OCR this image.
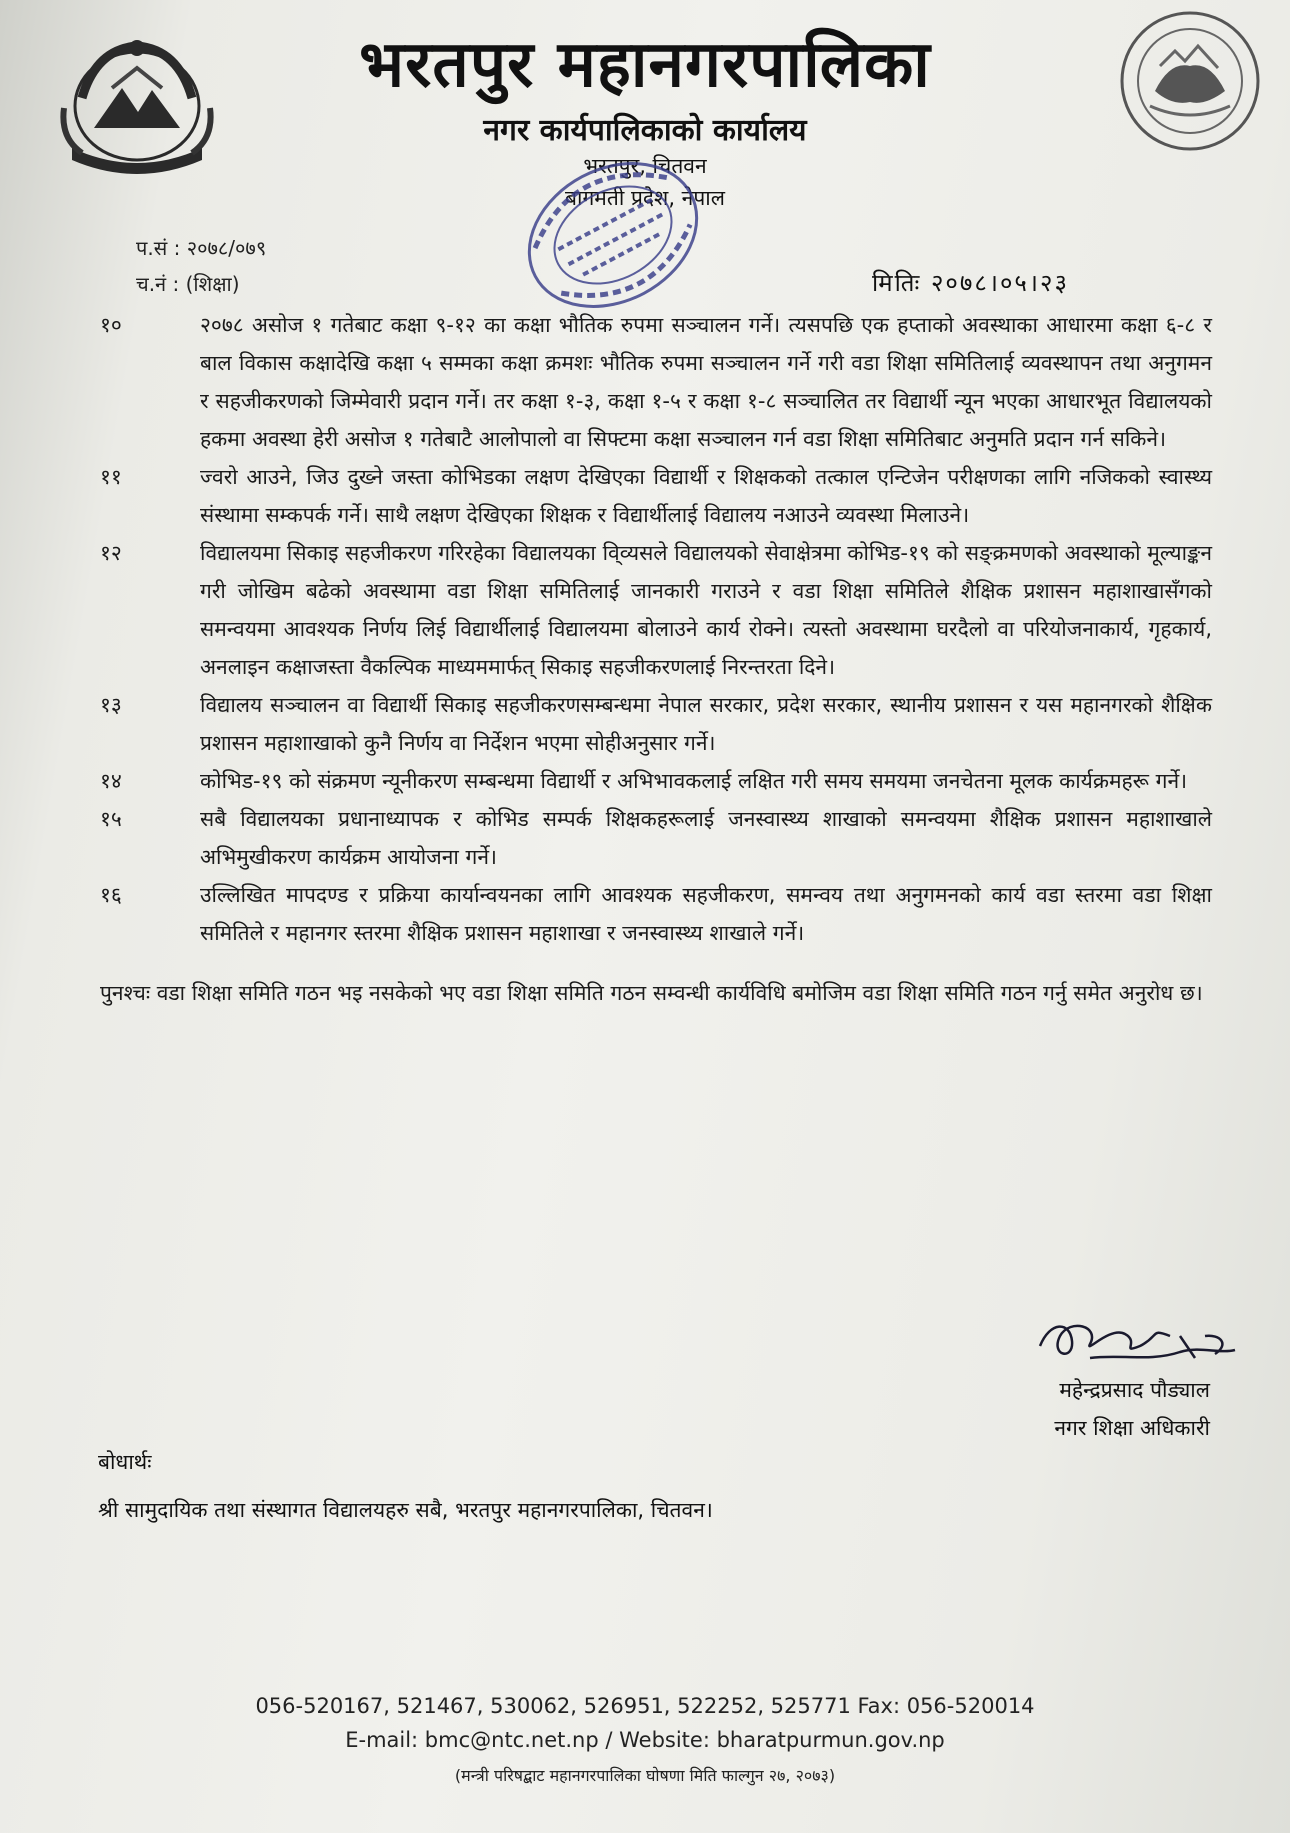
भरतपुर महानगरपालिका
नगर कार्यपालिकाको कार्यालय
भरतपुर, चितवन
बागमती प्रदेश, नेपाल
प.सं : २०७८/०७९
च.नं : (शिक्षा)	मितिः २०७८।०५।२३

१०	२०७८ असोज १ गतेबाट कक्षा ९-१२ का कक्षा भौतिक रुपमा सञ्चालन गर्ने। त्यसपछि एक हप्ताको अवस्थाका आधारमा कक्षा ६-८ र बाल विकास कक्षादेखि कक्षा ५ सम्मका कक्षा क्रमशः भौतिक रुपमा सञ्चालन गर्ने गरी वडा शिक्षा समितिलाई व्यवस्थापन तथा अनुगमन र सहजीकरणको जिम्मेवारी प्रदान गर्ने। तर कक्षा १-३, कक्षा १-५ र कक्षा १-८ सञ्चालित तर विद्यार्थी न्यून भएका आधारभूत विद्यालयको हकमा अवस्था हेरी असोज १ गतेबाटै आलोपालो वा सिफ्टमा कक्षा सञ्चालन गर्न वडा शिक्षा समितिबाट अनुमति प्रदान गर्न सकिने।

११	ज्वरो आउने, जिउ दुख्ने जस्ता कोभिडका लक्षण देखिएका विद्यार्थी र शिक्षकको तत्काल एन्टिजेन परीक्षणका लागि नजिकको स्वास्थ्य संस्थामा सम्कपर्क गर्ने। साथै लक्षण देखिएका शिक्षक र विद्यार्थीलाई विद्यालय नआउने व्यवस्था मिलाउने।

१२	विद्यालयमा सिकाइ सहजीकरण गरिरहेका विद्यालयका वि्व्यसले विद्यालयको सेवाक्षेत्रमा कोभिड-१९ को सङ्क्रमणको अवस्थाको मूल्याङ्कन गरी जोखिम बढेको अवस्थामा वडा शिक्षा समितिलाई जानकारी गराउने र वडा शिक्षा समितिले शैक्षिक प्रशासन महाशाखासँगको समन्वयमा आवश्यक निर्णय लिई विद्यार्थीलाई विद्यालयमा बोलाउने कार्य रोक्ने। त्यस्तो अवस्थामा घरदैलो वा परियोजनाकार्य, गृहकार्य, अनलाइन कक्षाजस्ता वैकल्पिक माध्यममार्फत् सिकाइ सहजीकरणलाई निरन्तरता दिने।

१३	विद्यालय सञ्चालन वा विद्यार्थी सिकाइ सहजीकरणसम्बन्धमा नेपाल सरकार, प्रदेश सरकार, स्थानीय प्रशासन र यस महानगरको शैक्षिक प्रशासन महाशाखाको कुनै निर्णय वा निर्देशन भएमा सोहीअनुसार गर्ने।

१४	कोभिड-१९ को संक्रमण न्यूनीकरण सम्बन्धमा विद्यार्थी र अभिभावकलाई लक्षित गरी समय समयमा जनचेतना मूलक कार्यक्रमहरू गर्ने।

१५	सबै विद्यालयका प्रधानाध्यापक र कोभिड सम्पर्क शिक्षकहरूलाई जनस्वास्थ्य शाखाको समन्वयमा शैक्षिक प्रशासन महाशाखाले अभिमुखीकरण कार्यक्रम आयोजना गर्ने।

१६	उल्लिखित मापदण्ड र प्रक्रिया कार्यान्वयनका लागि आवश्यक सहजीकरण, समन्वय तथा अनुगमनको कार्य वडा स्तरमा वडा शिक्षा समितिले र महानगर स्तरमा शैक्षिक प्रशासन महाशाखा र जनस्वास्थ्य शाखाले गर्ने।

पुनश्चः वडा शिक्षा समिति गठन भइ नसकेको भए वडा शिक्षा समिति गठन सम्वन्धी कार्यविधि बमोजिम वडा शिक्षा समिति गठन गर्नु समेत अनुरोध छ।

महेन्द्रप्रसाद पौड्याल
नगर शिक्षा अधिकारी
बोधार्थः
श्री सामुदायिक तथा संस्थागत विद्यालयहरु सबै, भरतपुर महानगरपालिका, चितवन।
056-520167, 521467, 530062, 526951, 522252, 525771 Fax: 056-520014
E-mail: bmc@ntc.net.np / Website: bharatpurmun.gov.np
(मन्त्री परिषद्बाट महानगरपालिका घोषणा मिति फाल्गुन २७, २०७३)
